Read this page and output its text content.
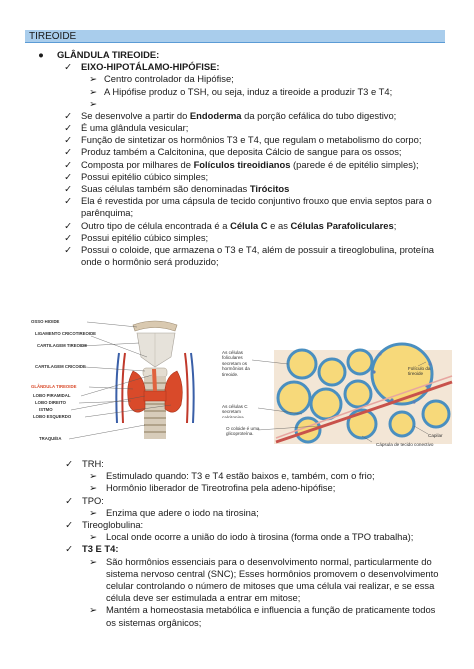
TIREOIDE
● GLÂNDULA TIREOIDE:
✓ EIXO-HIPOTÁLAMO-HIPÓFISE:
➢ Centro controlador da Hipófise;
➢ A Hipófise produz o TSH, ou seja, induz a tireoide a produzir T3 e T4;
➢
✓ Se desenvolve a partir do Endoderma da porção cefálica do tubo digestivo;
✓ É uma glândula vesicular;
✓ Função de sintetizar os hormônios T3 e T4, que regulam o metabolismo do corpo;
✓ Produz também a Calcitonina, que deposita Cálcio de sangue para os ossos;
✓ Composta por milhares de Folículos tireoidianos (parede é de epitélio simples);
✓ Possui epitélio cúbico simples;
✓ Suas células também são denominadas Tirócitos
✓ Ela é revestida por uma cápsula de tecido conjuntivo frouxo que envia septos para o
parênquima;
✓ Outro tipo de célula encontrada é a Célula C e as Células Parafoliculares;
✓ Possui epitélio cúbico simples;
✓ Possui o coloide, que armazena o T3 e T4, além de possuir a tireoglobulina, proteína
onde o hormônio será produzido;
OSSO HIOIDE
LIGAMENTO CRICOTIREOIDE
CARTILAGEM TIREOIDE
CARTILAGEM CRICOIDE
GLÂNDULA TIREOIDE
LOBO PIRAMIDAL
LOBO DIREITO
ISTMO
LOBO ESQUERDO
TRAQUÉIA
As células foliculares secretam os hormônios da tireoide.
Folículo da tireoide
As células C secretam calcitonina.
O coloide é uma glicoproteína.	Capilar
Cápsula de tecido conectivo
✓ TRH:
➢ Estimulado quando: T3 e T4 estão baixos e, também, com o frio;
➢ Hormônio liberador de Tireotrofina pela adeno-hipófise;
✓ TPO:
➢ Enzima que adere o iodo na tirosina;
✓ Tireoglobulina:
➢ Local onde ocorre a união do iodo à tirosina (forma onde a TPO trabalha);
✓ T3 E T4:
➢ São hormônios essenciais para o desenvolvimento normal, particularmente do
sistema nervoso central (SNC); Esses hormônios promovem o desenvolvimento
celular controlando o número de mitoses que uma célula vai realizar, e se essa
célula deve ser estimulada a entrar em mitose;
➢ Mantém a homeostasia metabólica e influencia a função de praticamente todos
os sistemas orgânicos;
